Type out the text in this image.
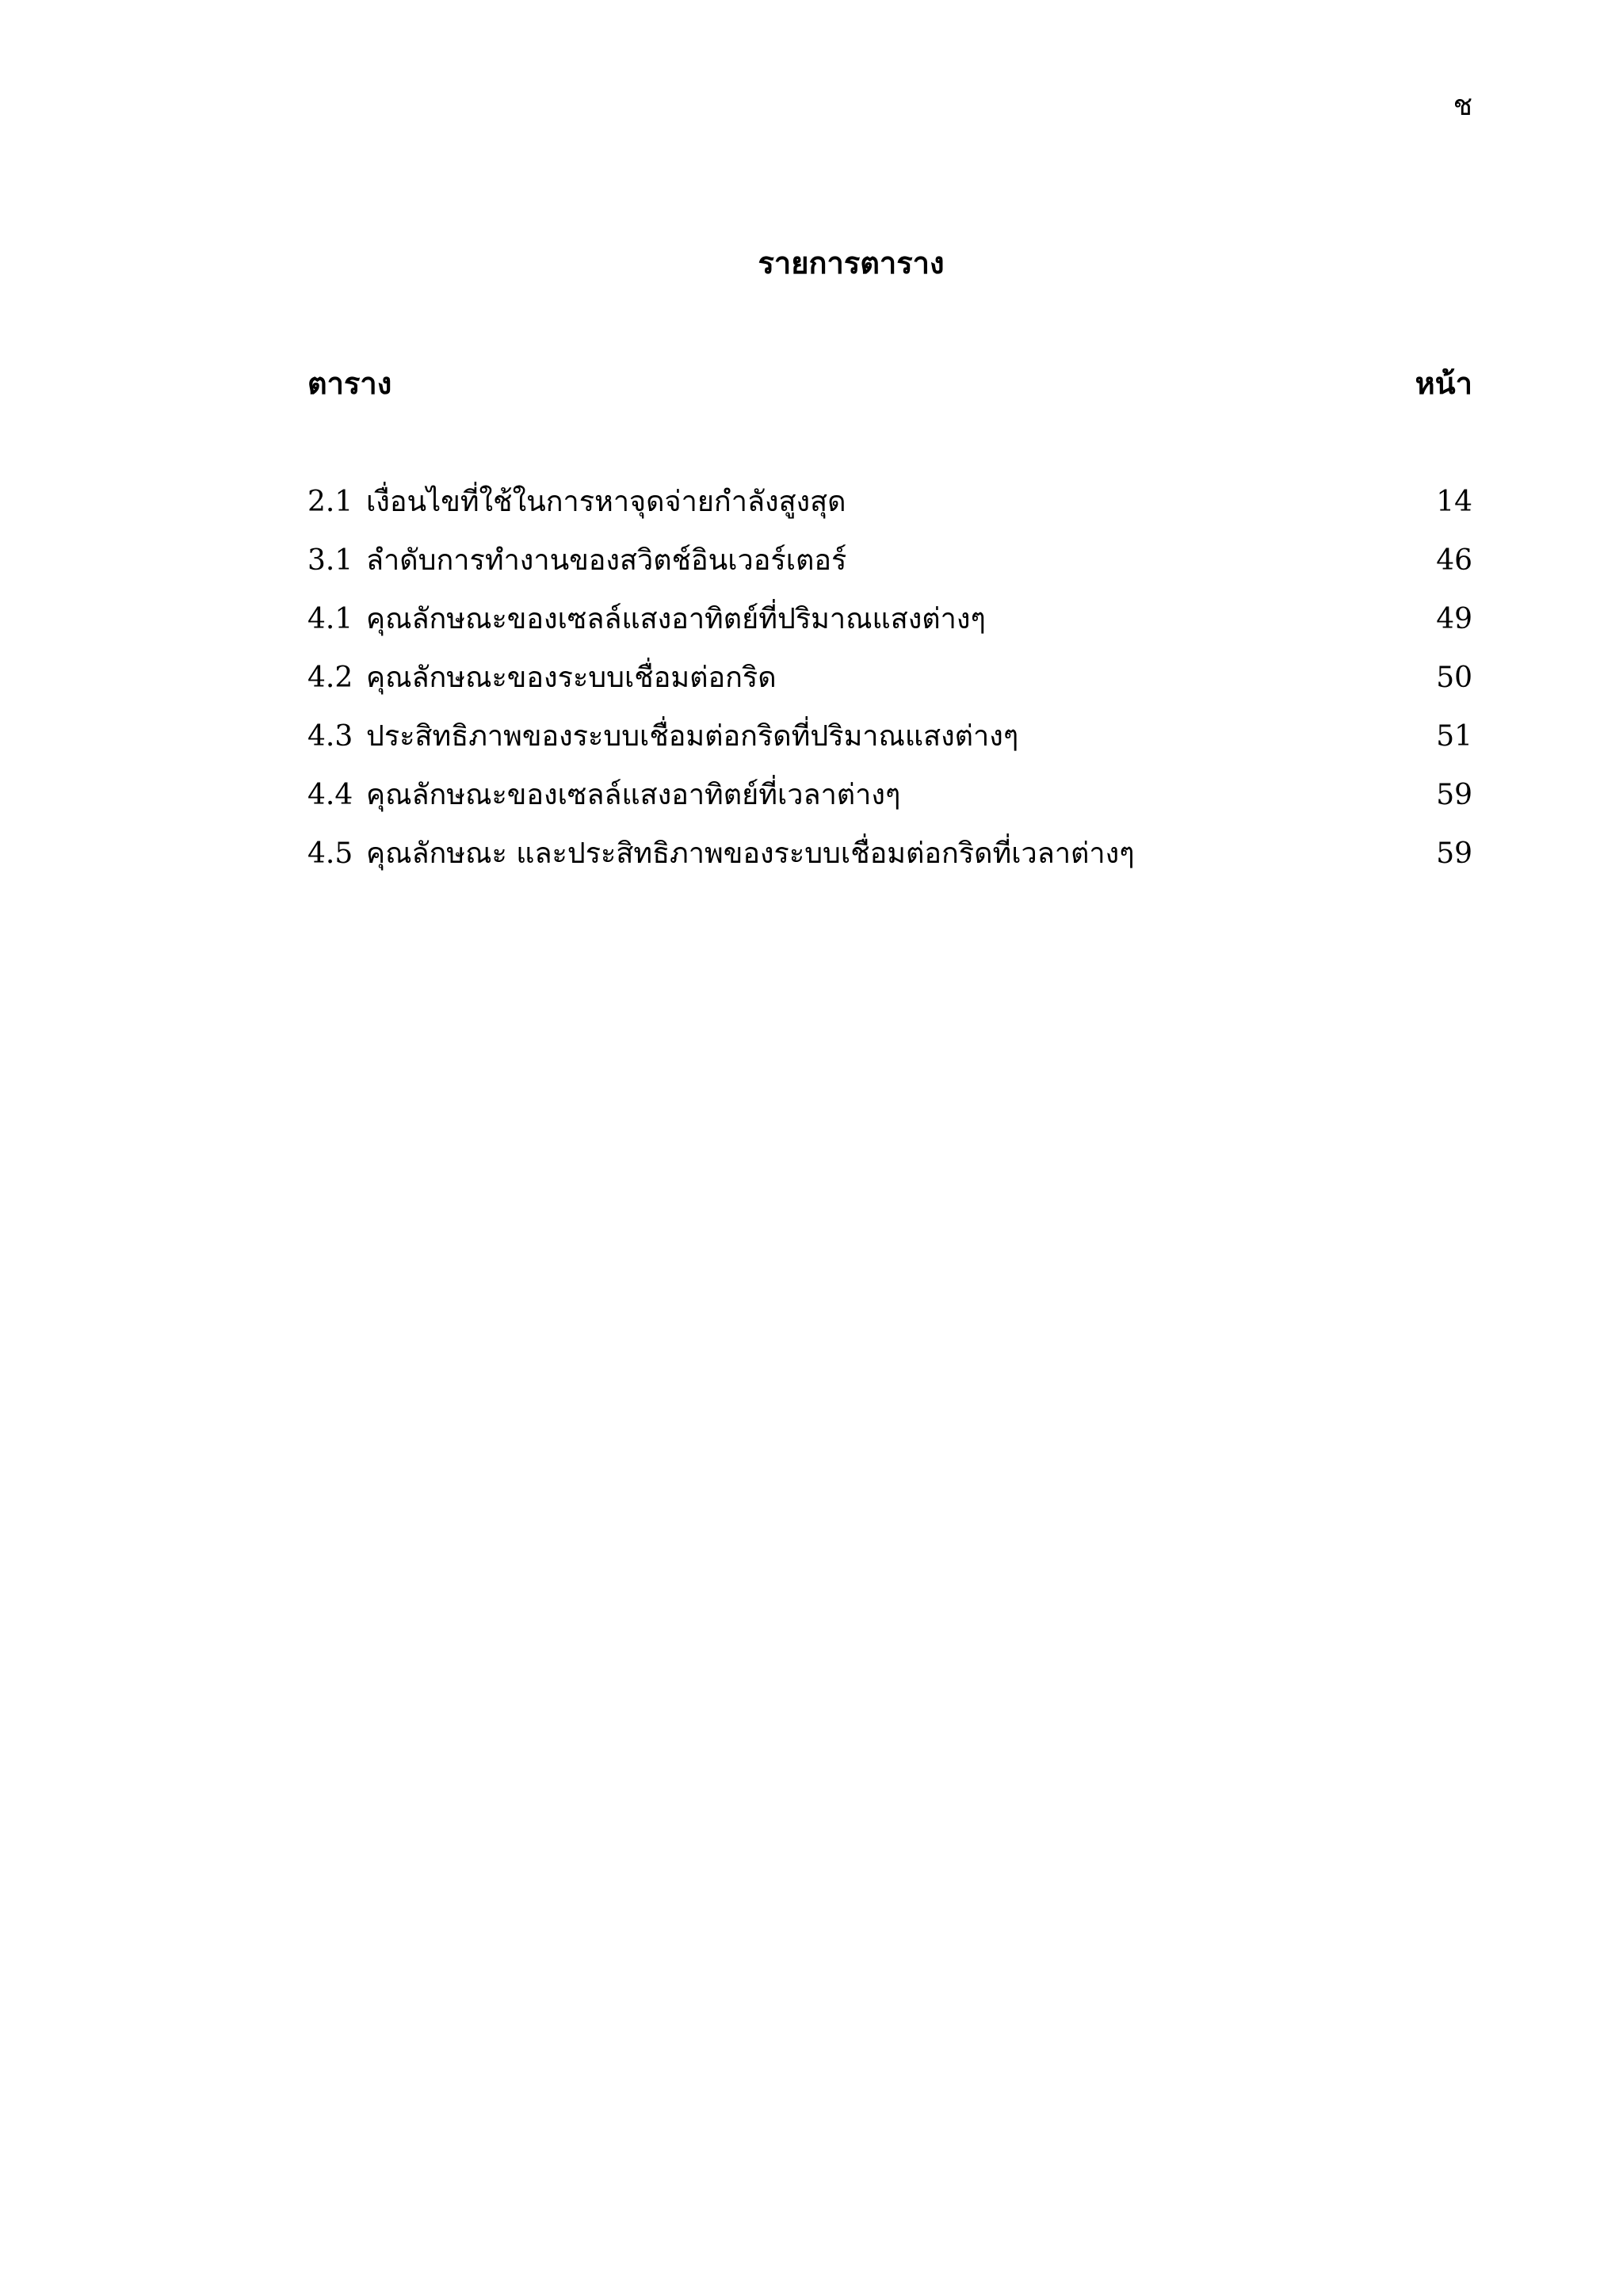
ช
รายการตาราง
ตาราง	หน้า
2.1 เงื่อนไขที่ใช้ในการหาจุดจ่ายกำลังสูงสุด	14
3.1 ลำดับการทำงานของสวิตช์อินเวอร์เตอร์	46
4.1 คุณลักษณะของเซลล์แสงอาทิตย์ที่ปริมาณแสงต่างๆ	49
4.2 คุณลักษณะของระบบเชื่อมต่อกริด	50
4.3 ประสิทธิภาพของระบบเชื่อมต่อกริดที่ปริมาณแสงต่างๆ	51
4.4 คุณลักษณะของเซลล์แสงอาทิตย์ที่เวลาต่างๆ	59
4.5 คุณลักษณะ และประสิทธิภาพของระบบเชื่อมต่อกริดที่เวลาต่างๆ	59
